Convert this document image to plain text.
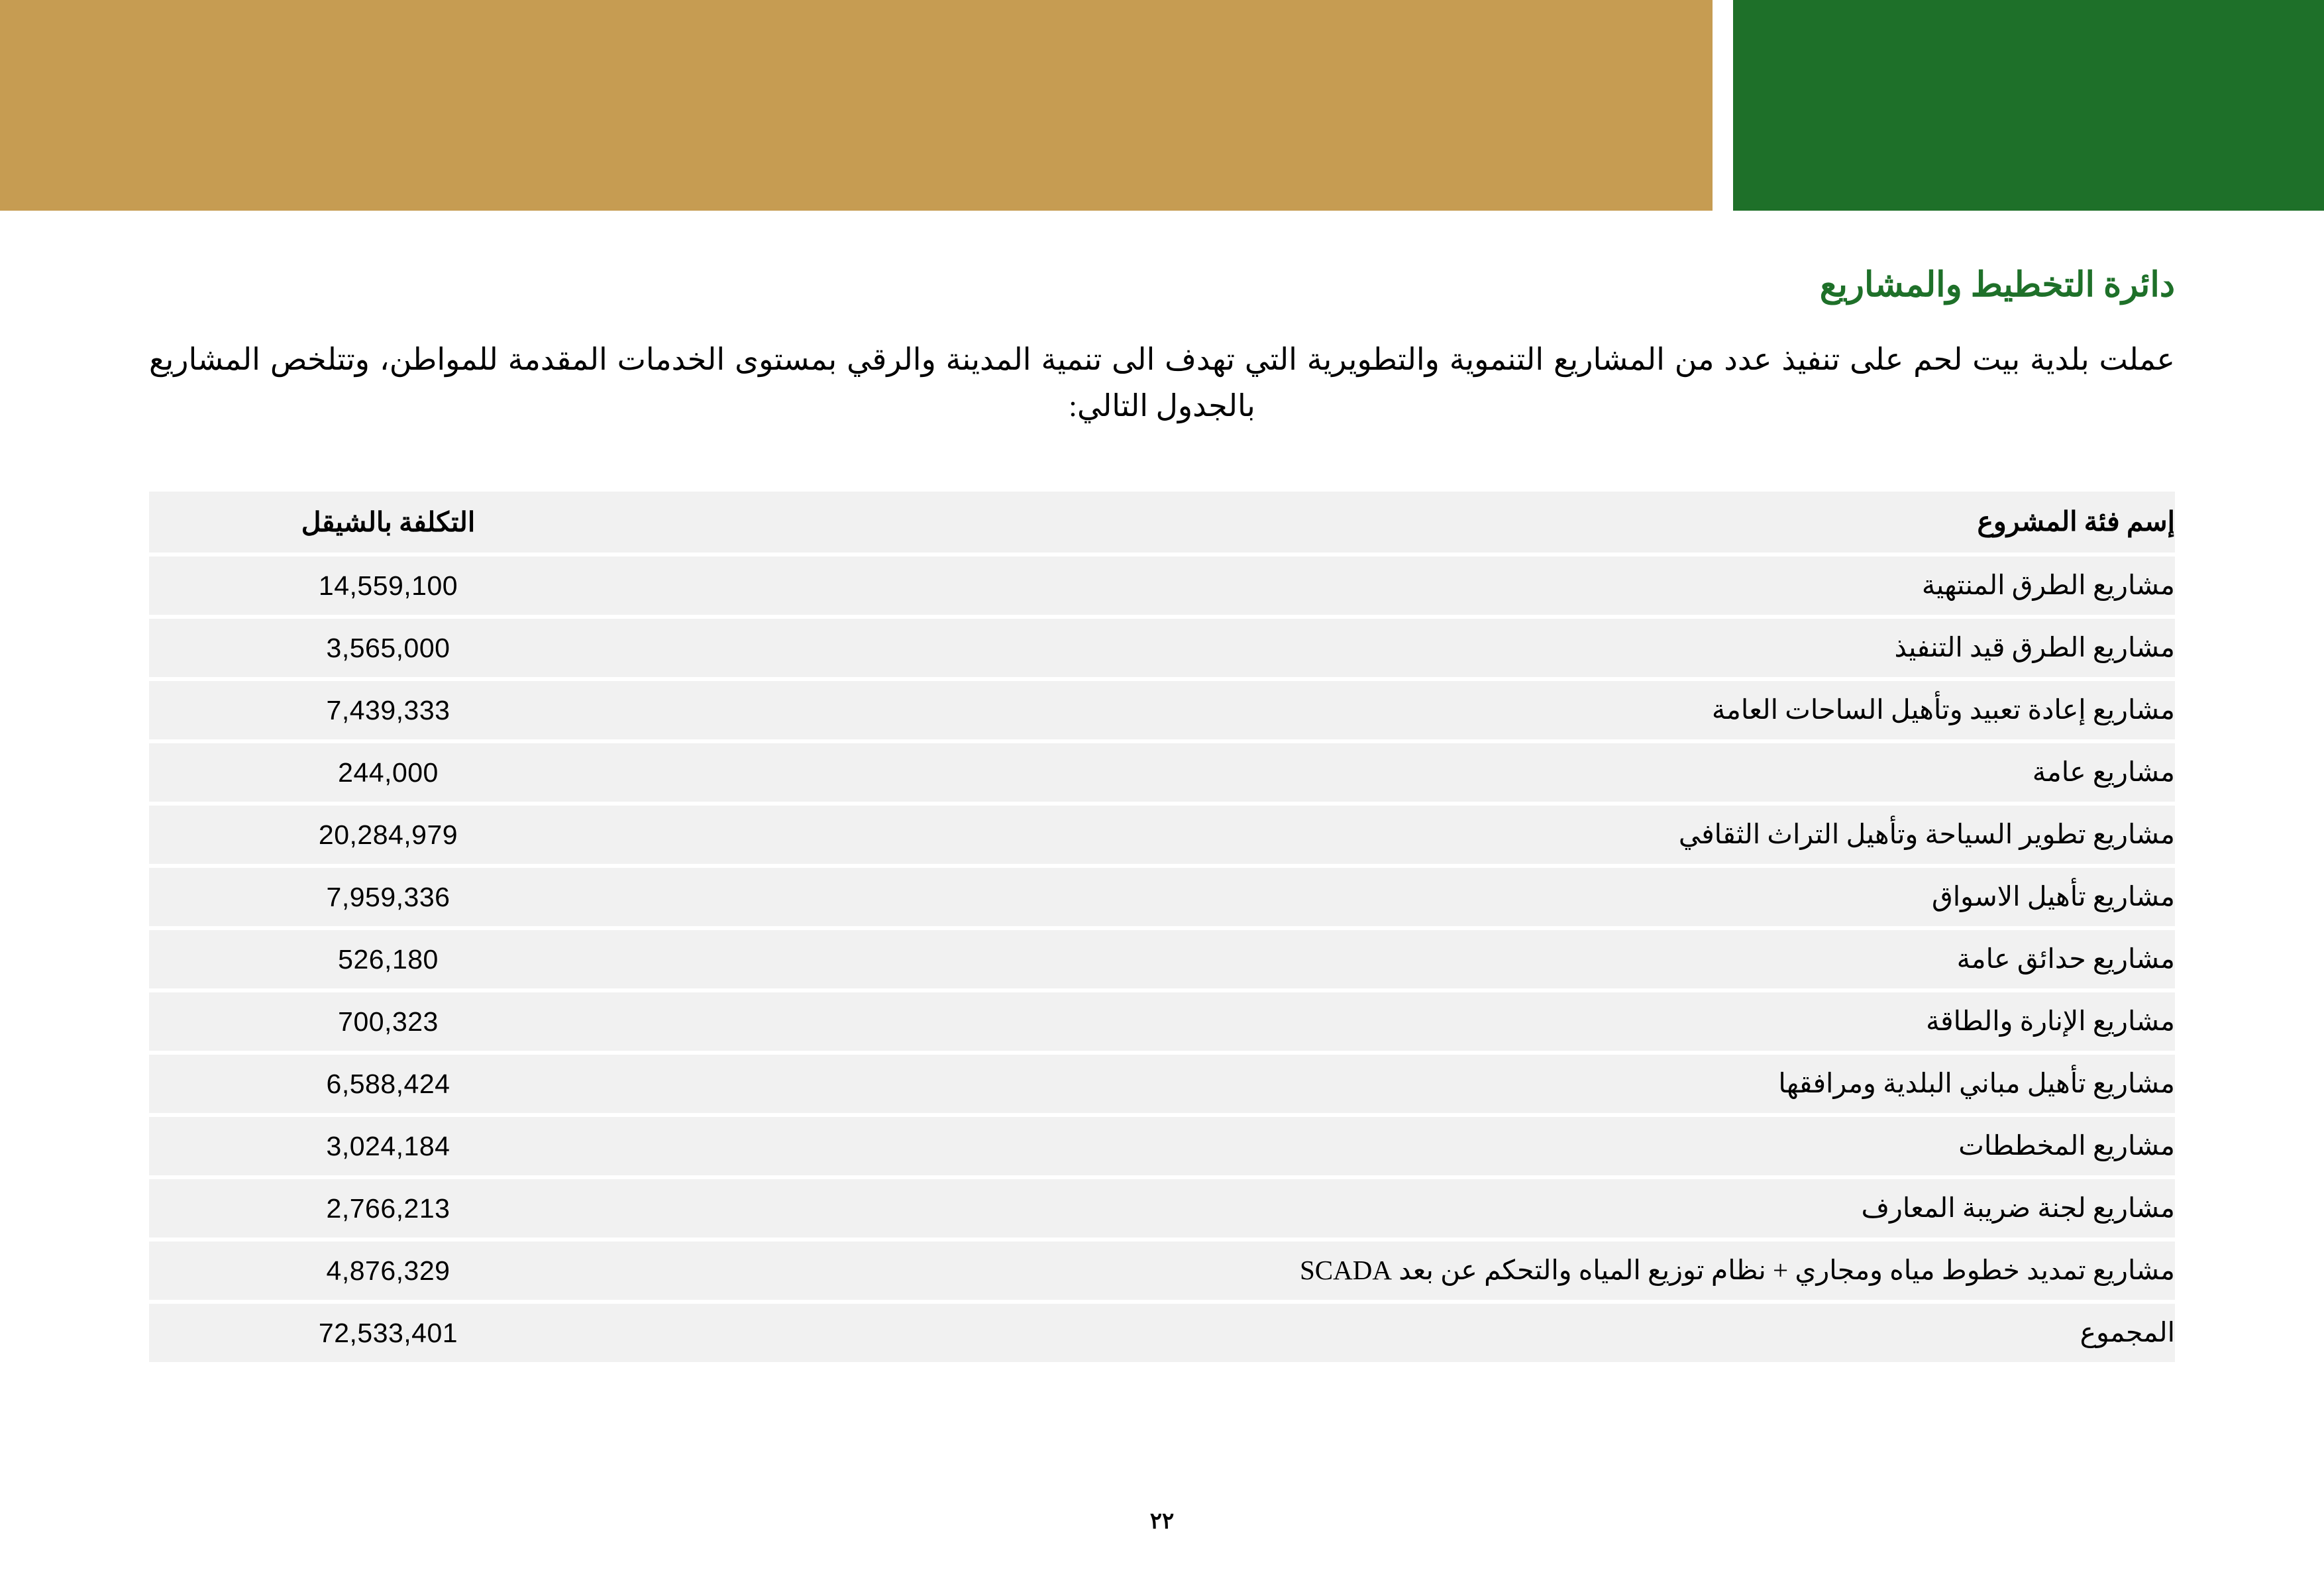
دائرة التخطيط والمشاريع
عملت بلدية بيت لحم على تنفيذ عدد من المشاريع التنموية والتطويرية التي تهدف الى تنمية المدينة والرقي بمستوى الخدمات المقدمة للمواطن، وتتلخص المشاريع بالجدول التالي:
إسم فئة المشروع	التكلفة بالشيقل
مشاريع الطرق المنتهية	14,559,100
مشاريع الطرق قيد التنفيذ	3,565,000
مشاريع إعادة تعبيد وتأهيل الساحات العامة	7,439,333
مشاريع عامة	244,000
مشاريع تطوير السياحة وتأهيل التراث الثقافي	20,284,979
مشاريع تأهيل الاسواق	7,959,336
مشاريع حدائق عامة	526,180
مشاريع الإنارة والطاقة	700,323
مشاريع تأهيل مباني البلدية ومرافقها	6,588,424
مشاريع المخططات	3,024,184
مشاريع لجنة ضريبة المعارف	2,766,213
مشاريع تمديد خطوط مياه ومجاري + نظام توزيع المياه والتحكم عن بعد SCADA	4,876,329
المجموع	72,533,401
٢٢
